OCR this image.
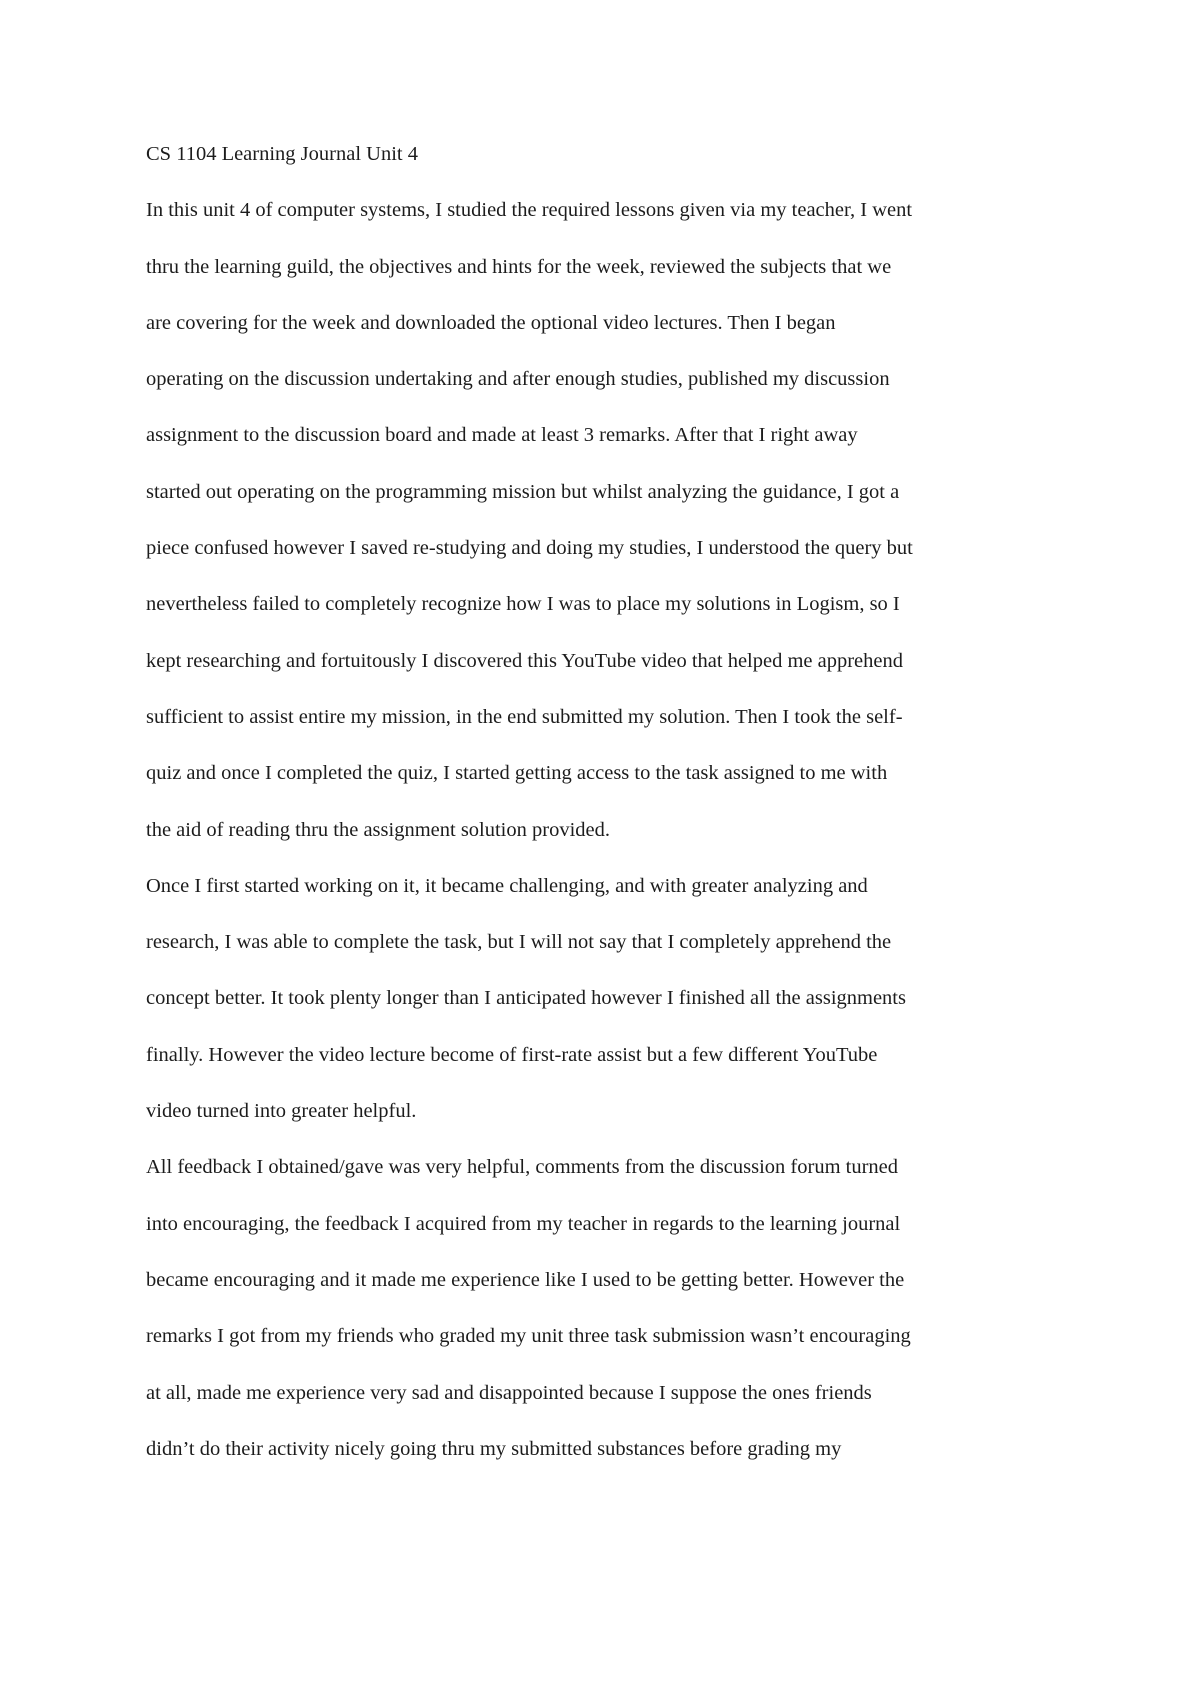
CS 1104 Learning Journal Unit 4
In this unit 4 of computer systems, I studied the required lessons given via my teacher, I went
thru the learning guild, the objectives and hints for the week, reviewed the subjects that we
are covering for the week and downloaded the optional video lectures. Then I began
operating on the discussion undertaking and after enough studies, published my discussion
assignment to the discussion board and made at least 3 remarks. After that I right away
started out operating on the programming mission but whilst analyzing the guidance, I got a
piece confused however I saved re-studying and doing my studies, I understood the query but
nevertheless failed to completely recognize how I was to place my solutions in Logism, so I
kept researching and fortuitously I discovered this YouTube video that helped me apprehend
sufficient to assist entire my mission, in the end submitted my solution. Then I took the self-
quiz and once I completed the quiz, I started getting access to the task assigned to me with
the aid of reading thru the assignment solution provided.
Once I first started working on it, it became challenging, and with greater analyzing and
research, I was able to complete the task, but I will not say that I completely apprehend the
concept better. It took plenty longer than I anticipated however I finished all the assignments
finally. However the video lecture become of first-rate assist but a few different YouTube
video turned into greater helpful.
All feedback I obtained/gave was very helpful, comments from the discussion forum turned
into encouraging, the feedback I acquired from my teacher in regards to the learning journal
became encouraging and it made me experience like I used to be getting better. However the
remarks I got from my friends who graded my unit three task submission wasn’t encouraging
at all, made me experience very sad and disappointed because I suppose the ones friends
didn’t do their activity nicely going thru my submitted substances before grading my
